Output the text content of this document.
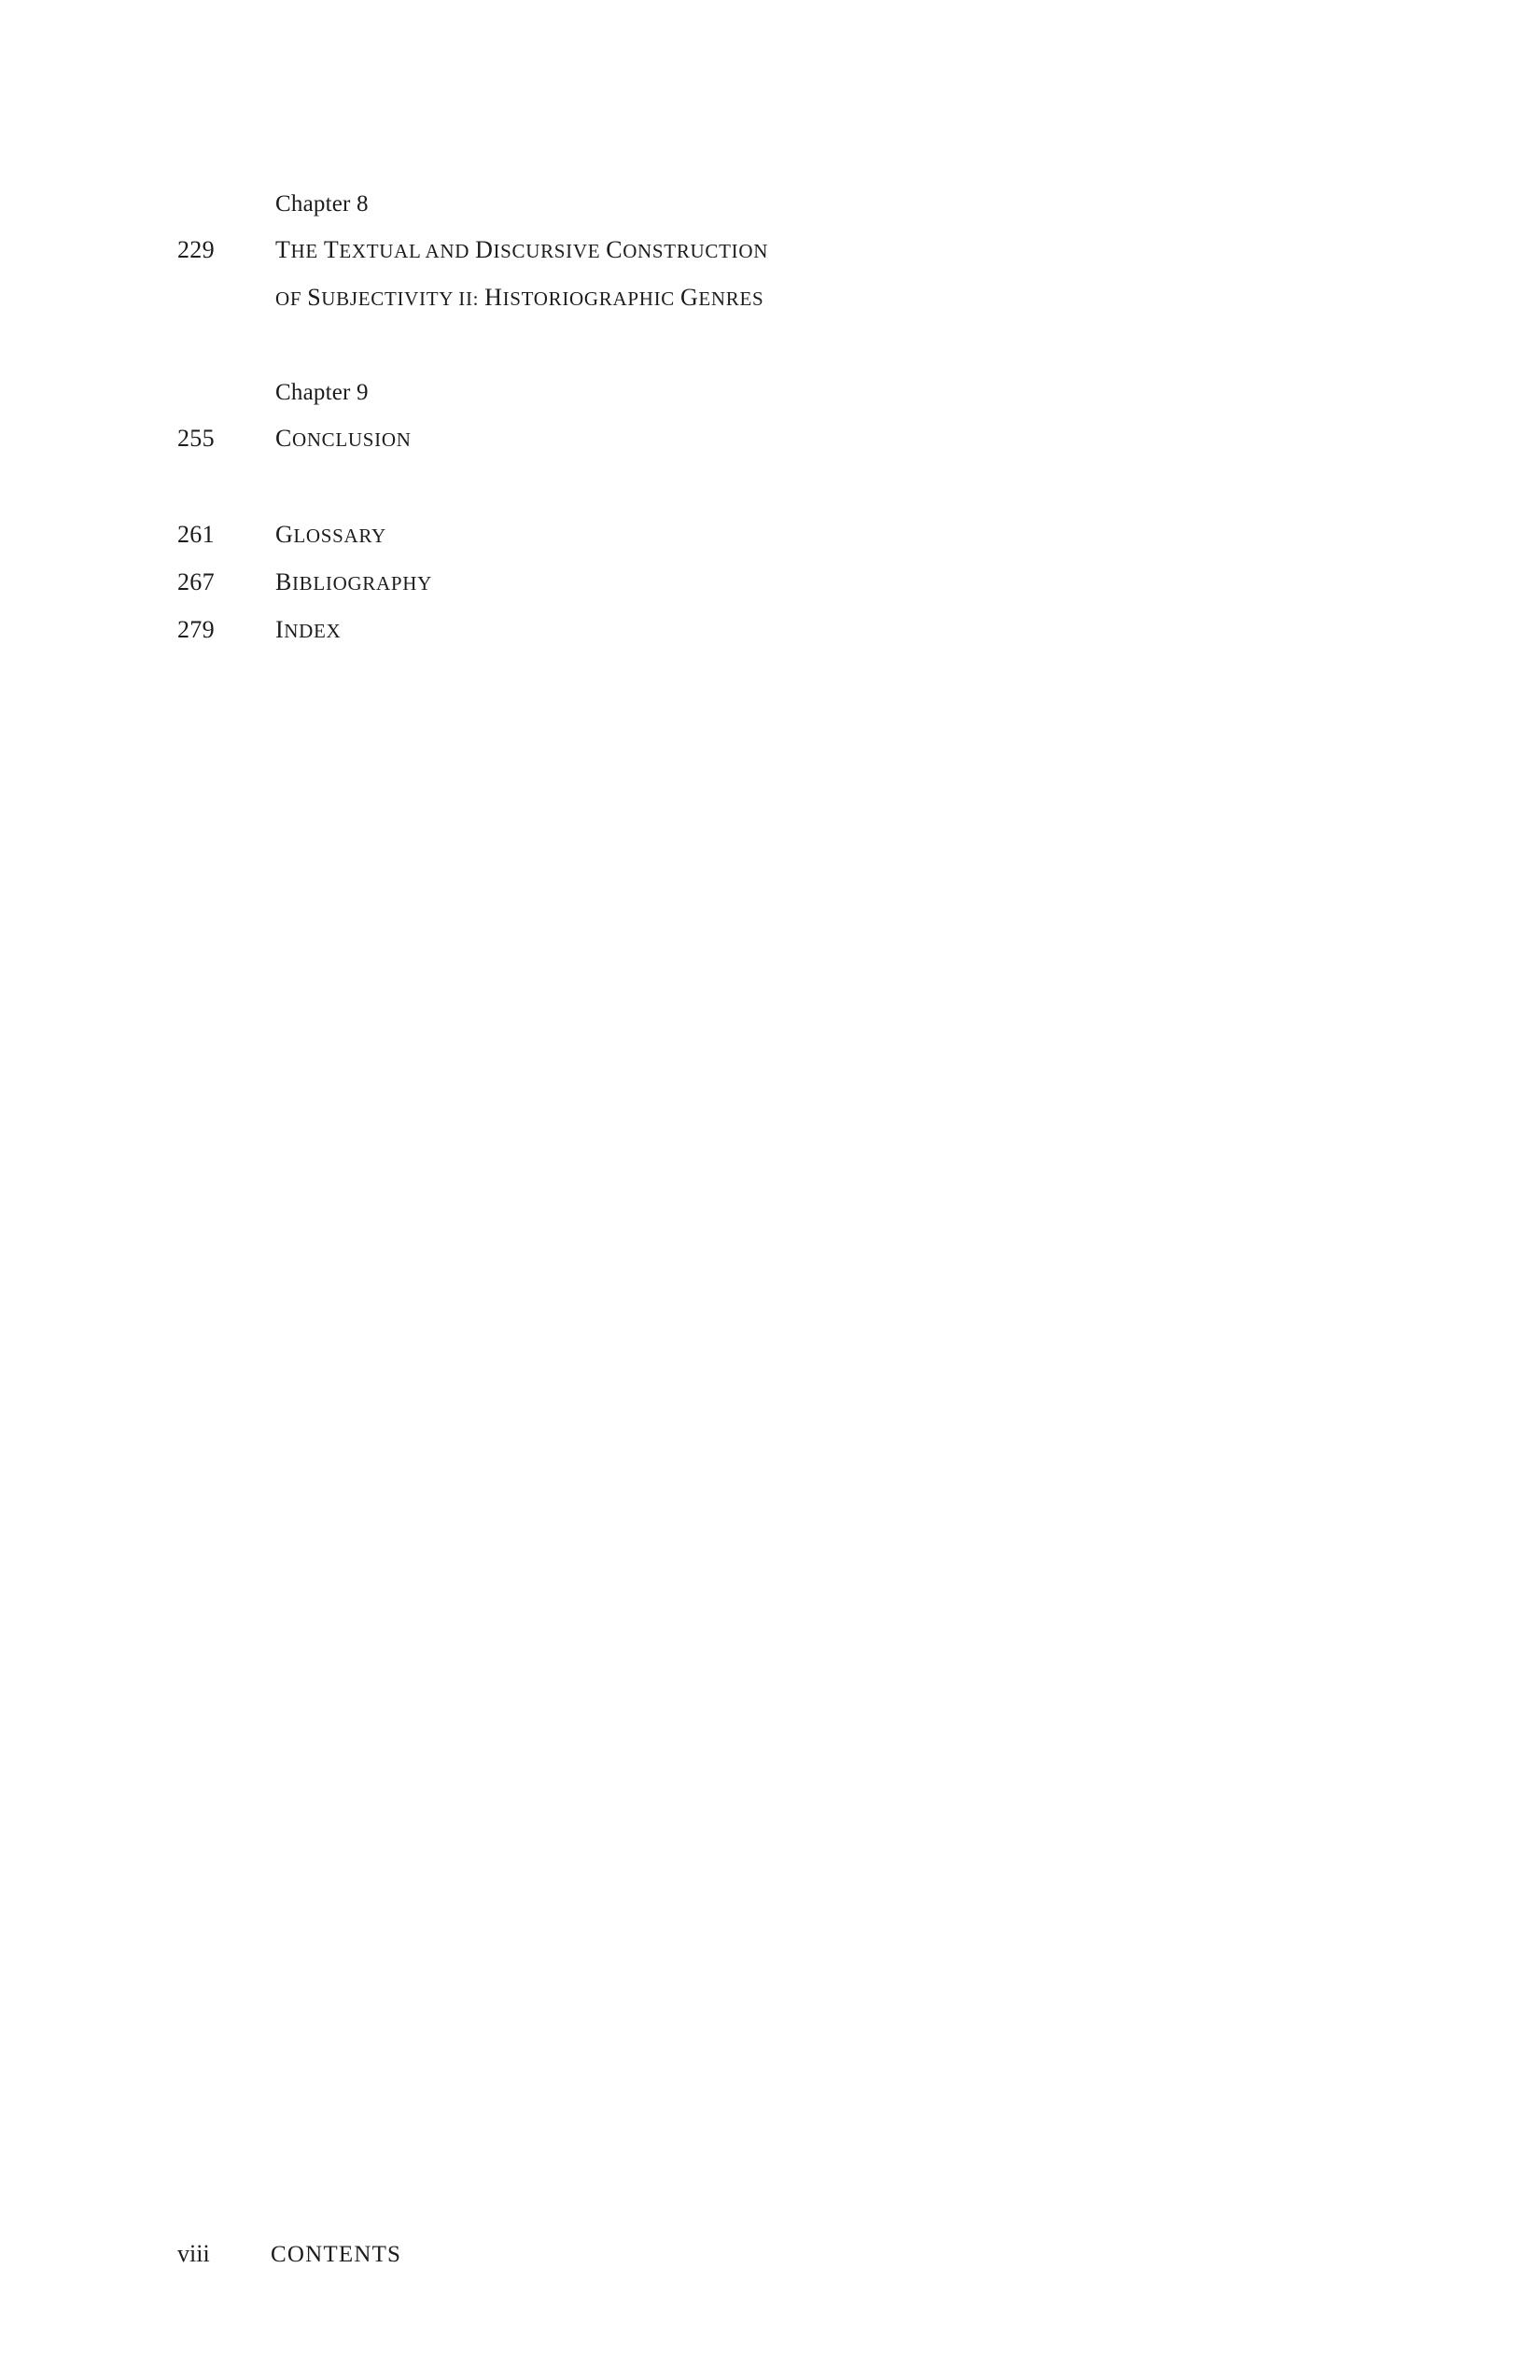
Chapter 8
229	THE TEXTUAL AND DISCURSIVE CONSTRUCTION
OF SUBJECTIVITY II: HISTORIOGRAPHIC GENRES
Chapter 9
255	CONCLUSION
261	GLOSSARY
267	BIBLIOGRAPHY
279	INDEX
viii	CONTENTS
